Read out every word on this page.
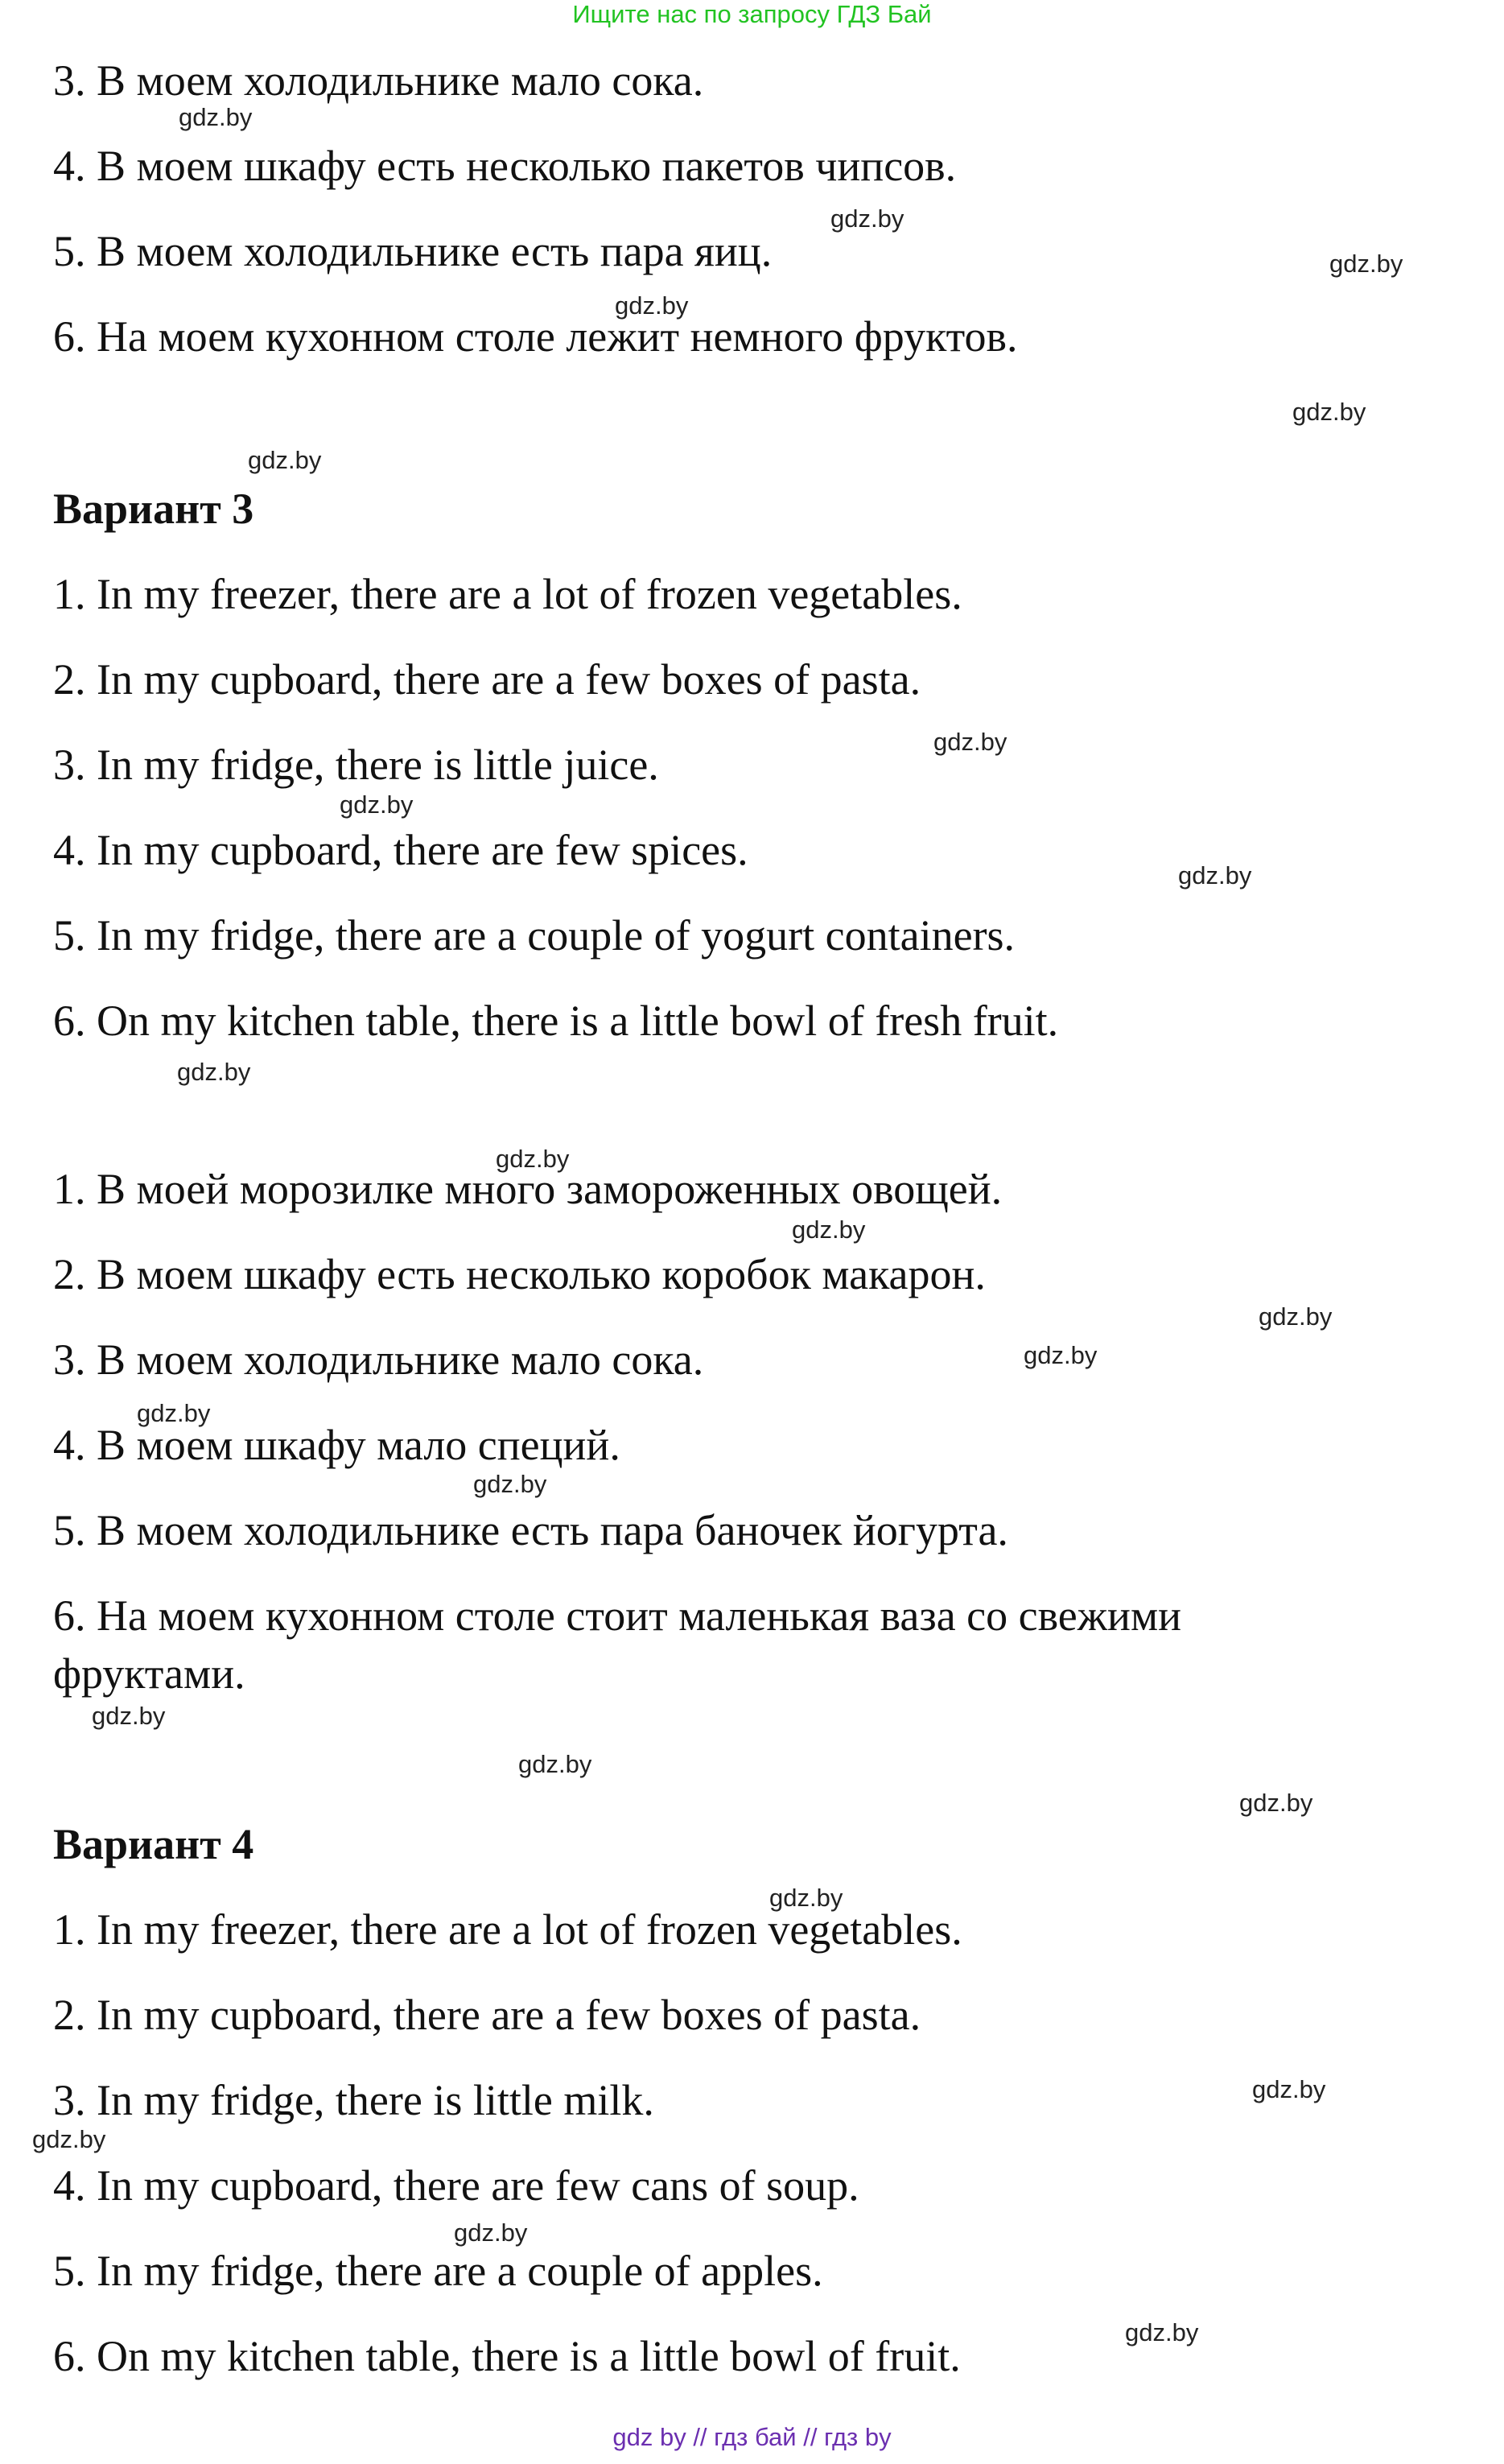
Ищите нас по запросу ГДЗ Бай
3. В моем холодильнике мало сока.
4. В моем шкафу есть несколько пакетов чипсов.
5. В моем холодильнике есть пара яиц.
6. На моем кухонном столе лежит немного фруктов.
Вариант 3
1. In my freezer, there are a lot of frozen vegetables.
2. In my cupboard, there are a few boxes of pasta.
3. In my fridge, there is little juice.
4. In my cupboard, there are few spices.
5. In my fridge, there are a couple of yogurt containers.
6. On my kitchen table, there is a little bowl of fresh fruit.
1. В моей морозилке много замороженных овощей.
2. В моем шкафу есть несколько коробок макарон.
3. В моем холодильнике мало сока.
4. В моем шкафу мало специй.
5. В моем холодильнике есть пара баночек йогурта.
6. На моем кухонном столе стоит маленькая ваза со свежими
фруктами.
Вариант 4
1. In my freezer, there are a lot of frozen vegetables.
2. In my cupboard, there are a few boxes of pasta.
3. In my fridge, there is little milk.
4. In my cupboard, there are few cans of soup.
5. In my fridge, there are a couple of apples.
6. On my kitchen table, there is a little bowl of fruit.
gdz.by
gdz.by
gdz.by
gdz.by
gdz.by
gdz.by
gdz.by
gdz.by
gdz.by
gdz.by
gdz.by
gdz.by
gdz.by
gdz.by
gdz.by
gdz.by
gdz.by
gdz.by
gdz.by
gdz.by
gdz.by
gdz.by
gdz.by
gdz.by
gdz by // гдз бай // гдз by
